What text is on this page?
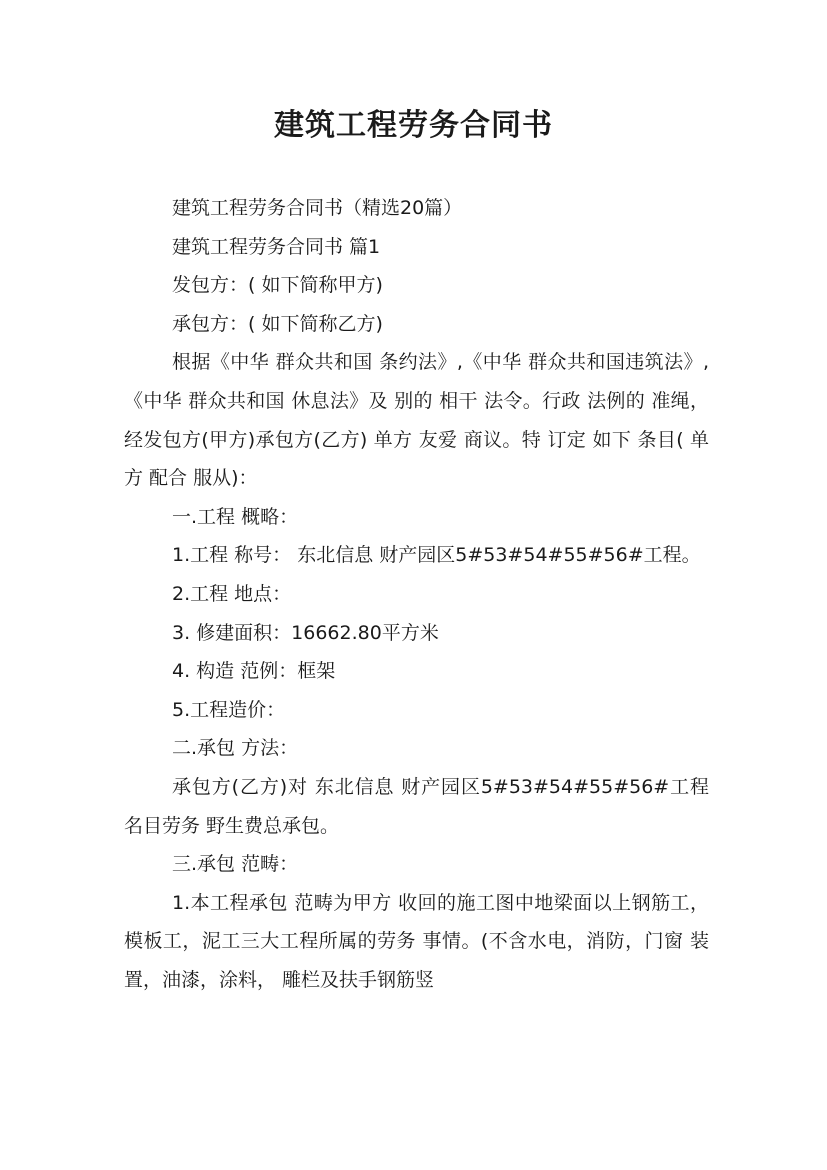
建筑工程劳务合同书

建筑工程劳务合同书（精选20篇）

建筑工程劳务合同书 篇1

发包方：( 如下简称甲方)

承包方：( 如下简称乙方)

根据《中华 群众共和国 条约法》,《中华 群众共和国违筑法》,《中华 群众共和国 休息法》及 别的 相干 法令。行政 法例的 准绳，经发包方(甲方)承包方(乙方) 单方 友爱 商议。特 订定 如下 条目( 单方 配合 服从)：

一.工程 概略：

1.工程 称号： 东北信息 财产园区5#53#54#55#56#工程。

2.工程 地点：

3. 修建面积：16662.80平方米

4. 构造 范例：框架

5.工程造价：

二.承包 方法：

承包方(乙方)对 东北信息 财产园区5#53#54#55#56#工程 名目劳务 野生费总承包。

三.承包 范畴：

1.本工程承包 范畴为甲方 收回的施工图中地梁面以上钢筋工，模板工，泥工三大工程所属的劳务 事情。(不含水电，消防，门窗 装置，油漆，涂料， 雕栏及扶手钢筋竖
